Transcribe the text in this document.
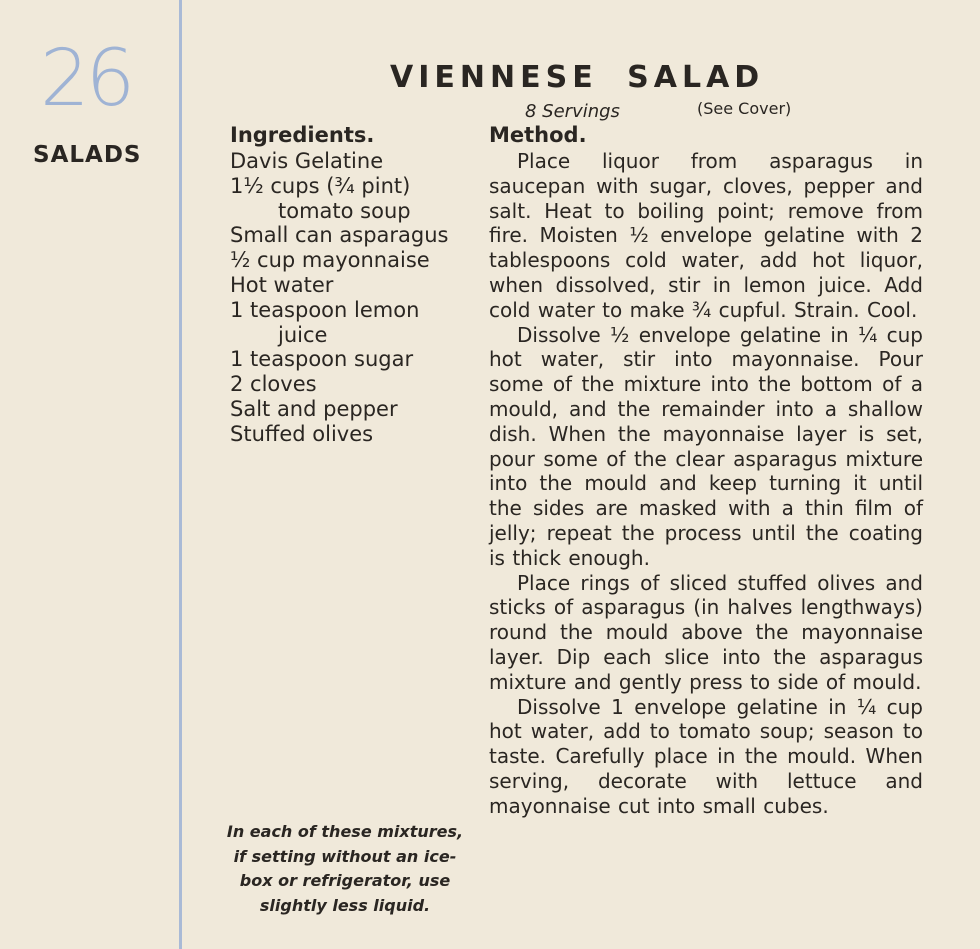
26
SALADS
VIENNESE SALAD
8 Servings	(See Cover)
Ingredients.
Davis Gelatine
1½ cups (¾ pint)
tomato soup
Small can asparagus
½ cup mayonnaise
Hot water
1 teaspoon lemon
juice
1 teaspoon sugar
2 cloves
Salt and pepper
Stuffed olives
Method.

Place liquor from asparagus in saucepan with sugar, cloves, pepper and salt. Heat to boiling point; remove from fire. Moisten ½ envelope gelatine with 2 tablespoons cold water, add hot liquor, when dissolved, stir in lemon juice. Add cold water to make ¾ cupful. Strain. Cool.

Dissolve ½ envelope gelatine in ¼ cup hot water, stir into mayonnaise. Pour some of the mixture into the bottom of a mould, and the remainder into a shallow dish. When the mayonnaise layer is set, pour some of the clear asparagus mixture into the mould and keep turning it until the sides are masked with a thin film of jelly; repeat the process until the coating is thick enough.

Place rings of sliced stuffed olives and sticks of asparagus (in halves lengthways) round the mould above the mayonnaise layer. Dip each slice into the asparagus mixture and gently press to side of mould.

Dissolve 1 envelope gelatine in ¼ cup hot water, add to tomato soup; season to taste. Carefully place in the mould. When serving, decorate with lettuce and mayonnaise cut into small cubes.

In each of these mixtures, if setting without an ice-box or refrigerator, use slightly less liquid.
